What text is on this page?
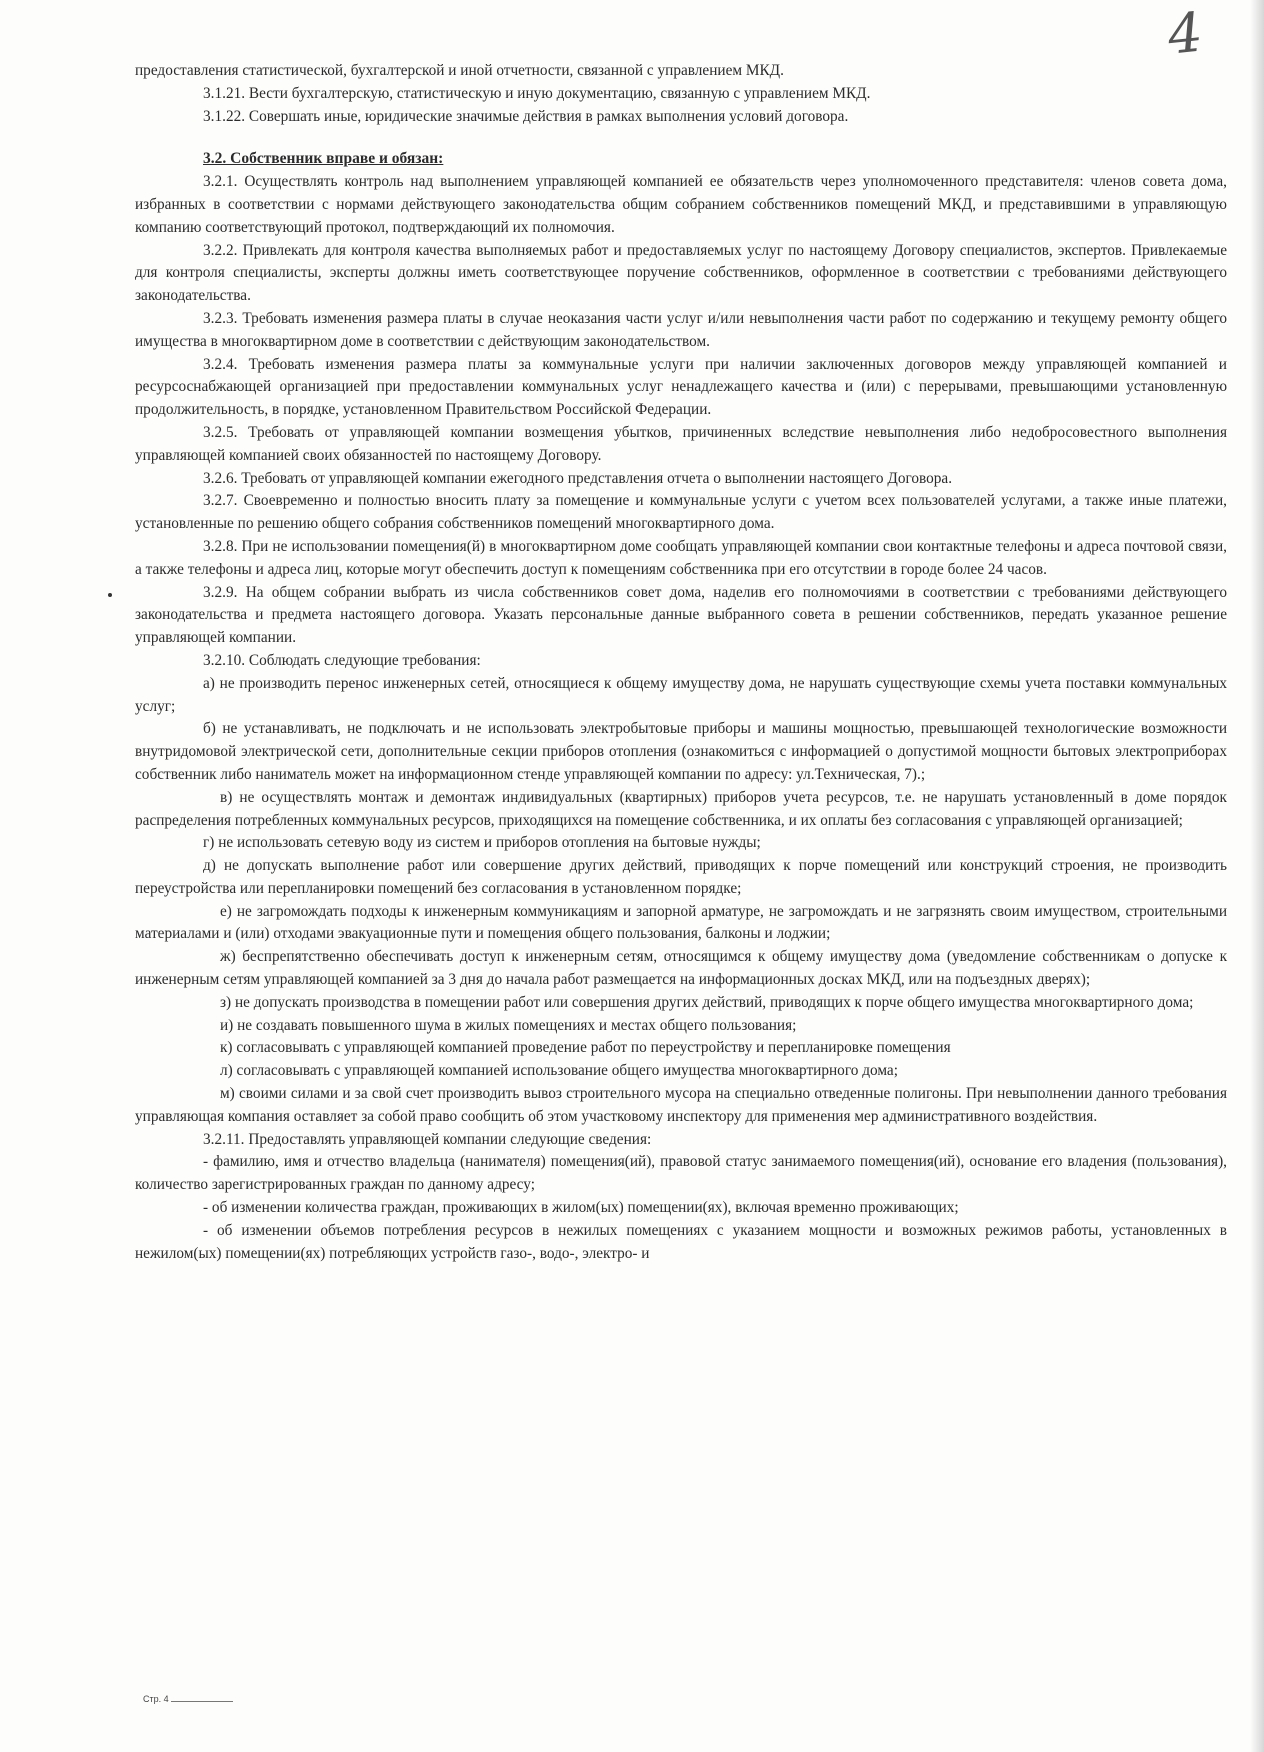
4

предоставления статистической, бухгалтерской и иной отчетности, связанной с управлением МКД.

3.1.21. Вести бухгалтерскую, статистическую и иную документацию, связанную с управлением МКД.

3.1.22. Совершать иные, юридические значимые действия в рамках выполнения условий договора.

3.2. Собственник вправе и обязан:

3.2.1. Осуществлять контроль над выполнением управляющей компанией ее обязательств через уполномоченного представителя: членов совета дома, избранных в соответствии с нормами действующего законодательства общим собранием собственников помещений МКД, и представившими в управляющую компанию соответствующий протокол, подтверждающий их полномочия.

3.2.2. Привлекать для контроля качества выполняемых работ и предоставляемых услуг по настоящему Договору специалистов, экспертов. Привлекаемые для контроля специалисты, эксперты должны иметь соответствующее поручение собственников, оформленное в соответствии с требованиями действующего законодательства.

3.2.3. Требовать изменения размера платы в случае неоказания части услуг и/или невыполнения части работ по содержанию и текущему ремонту общего имущества в многоквартирном доме в соответствии с действующим законодательством.

3.2.4. Требовать изменения размера платы за коммунальные услуги при наличии заключенных договоров между управляющей компанией и ресурсоснабжающей организацией при предоставлении коммунальных услуг ненадлежащего качества и (или) с перерывами, превышающими установленную продолжительность, в порядке, установленном Правительством Российской Федерации.

3.2.5. Требовать от управляющей компании возмещения убытков, причиненных вследствие невыполнения либо недобросовестного выполнения управляющей компанией своих обязанностей по настоящему Договору.

3.2.6. Требовать от управляющей компании ежегодного представления отчета о выполнении настоящего Договора.

3.2.7. Своевременно и полностью вносить плату за помещение и коммунальные услуги с учетом всех пользователей услугами, а также иные платежи, установленные по решению общего собрания собственников помещений многоквартирного дома.

3.2.8. При не использовании помещения(й) в многоквартирном доме сообщать управляющей компании свои контактные телефоны и адреса почтовой связи, а также телефоны и адреса лиц, которые могут обеспечить доступ к помещениям собственника при его отсутствии в городе более 24 часов.

3.2.9. На общем собрании выбрать из числа собственников совет дома, наделив его полномочиями в соответствии с требованиями действующего законодательства и предмета настоящего договора. Указать персональные данные выбранного совета в решении собственников, передать указанное решение управляющей компании.

3.2.10. Соблюдать следующие требования:

а) не производить перенос инженерных сетей, относящиеся к общему имуществу дома, не нарушать существующие схемы учета поставки коммунальных услуг;

б) не устанавливать, не подключать и не использовать электробытовые приборы и машины мощностью, превышающей технологические возможности внутридомовой электрической сети, дополнительные секции приборов отопления (ознакомиться с информацией о допустимой мощности бытовых электроприборах собственник либо наниматель может на информационном стенде управляющей компании по адресу: ул.Техническая, 7).;

в) не осуществлять монтаж и демонтаж индивидуальных (квартирных) приборов учета ресурсов, т.е. не нарушать установленный в доме порядок распределения потребленных коммунальных ресурсов, приходящихся на помещение собственника, и их оплаты без согласования с управляющей организацией;

г) не использовать сетевую воду из систем и приборов отопления на бытовые нужды;

д) не допускать выполнение работ или совершение других действий, приводящих к порче помещений или конструкций строения, не производить переустройства или перепланировки помещений без согласования в установленном порядке;

е) не загромождать подходы к инженерным коммуникациям и запорной арматуре, не загромождать и не загрязнять своим имуществом, строительными материалами и (или) отходами эвакуационные пути и помещения общего пользования, балконы и лоджии;

ж) беспрепятственно обеспечивать доступ к инженерным сетям, относящимся к общему имуществу дома (уведомление собственникам о допуске к инженерным сетям управляющей компанией за 3 дня до начала работ размещается на информационных досках МКД, или на подъездных дверях);

з) не допускать производства в помещении работ или совершения других действий, приводящих к порче общего имущества многоквартирного дома;

и) не создавать повышенного шума в жилых помещениях и местах общего пользования;

к) согласовывать с управляющей компанией проведение работ по переустройству и перепланировке помещения

л) согласовывать с управляющей компанией использование общего имущества многоквартирного дома;

м) своими силами и за свой счет производить вывоз строительного мусора на специально отведенные полигоны. При невыполнении данного требования управляющая компания оставляет за собой право сообщить об этом участковому инспектору для применения мер административного воздействия.

3.2.11. Предоставлять управляющей компании следующие сведения:

- фамилию, имя и отчество владельца (нанимателя) помещения(ий), правовой статус занимаемого помещения(ий), основание его владения (пользования), количество зарегистрированных граждан по данному адресу;

- об изменении количества граждан, проживающих в жилом(ых) помещении(ях), включая временно проживающих;

- об изменении объемов потребления ресурсов в нежилых помещениях с указанием мощности и возможных режимов работы, установленных в нежилом(ых) помещении(ях) потребляющих устройств газо-, водо-, электро- и

Стр. 4
